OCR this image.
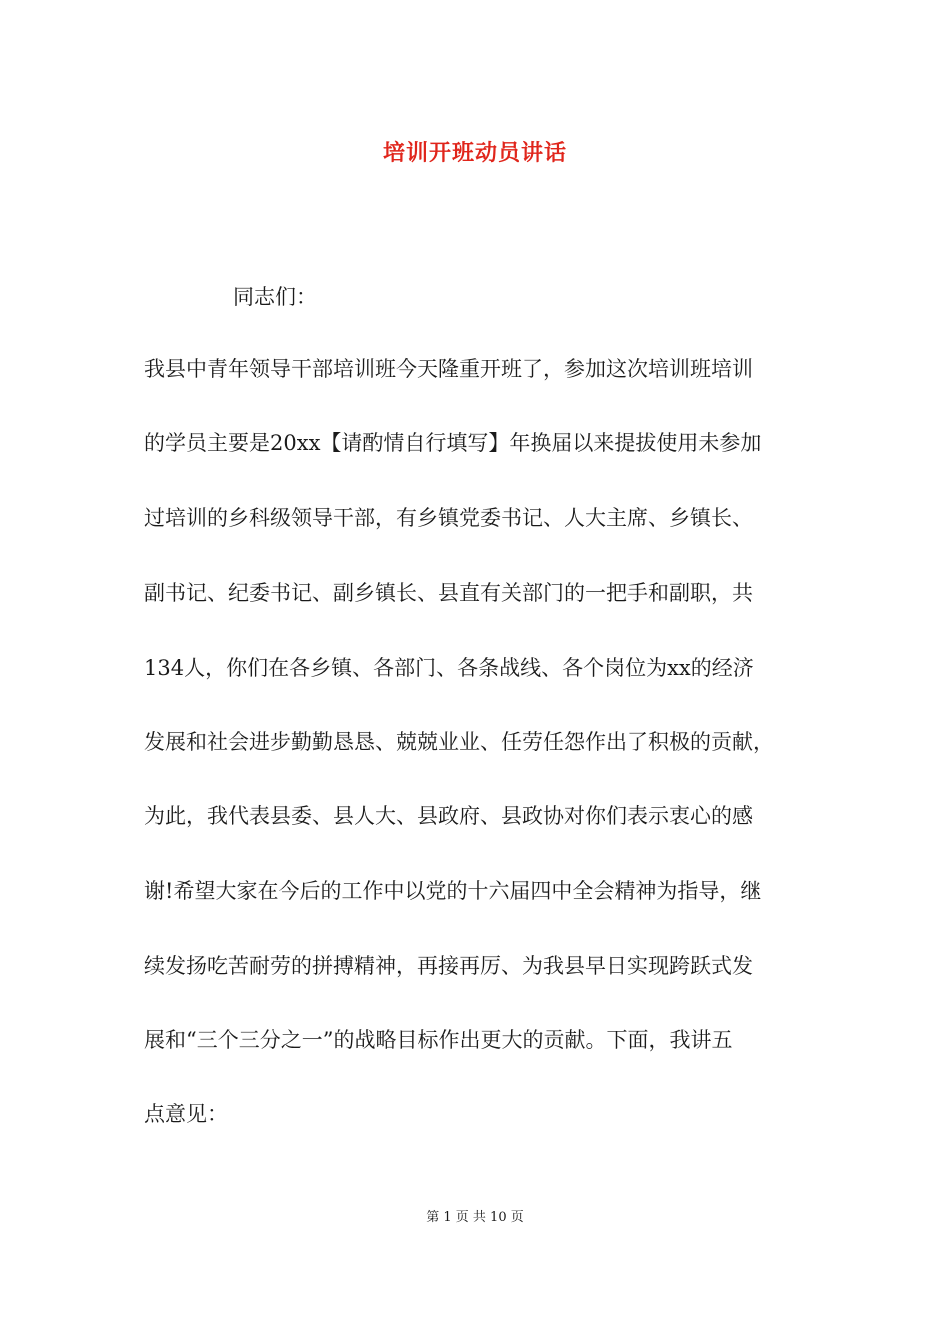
培训开班动员讲话
同志们：
我县中青年领导干部培训班今天隆重开班了，参加这次培训班培训
的学员主要是20xx【请酌情自行填写】年换届以来提拔使用未参加
过培训的乡科级领导干部，有乡镇党委书记、人大主席、乡镇长、
副书记、纪委书记、副乡镇长、县直有关部门的一把手和副职，共
134人，你们在各乡镇、各部门、各条战线、各个岗位为xx的经济
发展和社会进步勤勤恳恳、兢兢业业、任劳任怨作出了积极的贡献，
为此，我代表县委、县人大、县政府、县政协对你们表示衷心的感
谢!希望大家在今后的工作中以党的十六届四中全会精神为指导，继
续发扬吃苦耐劳的拼搏精神，再接再厉、为我县早日实现跨跃式发
展和“三个三分之一”的战略目标作出更大的贡献。下面，我讲五
点意见：
第 1 页 共 10 页
